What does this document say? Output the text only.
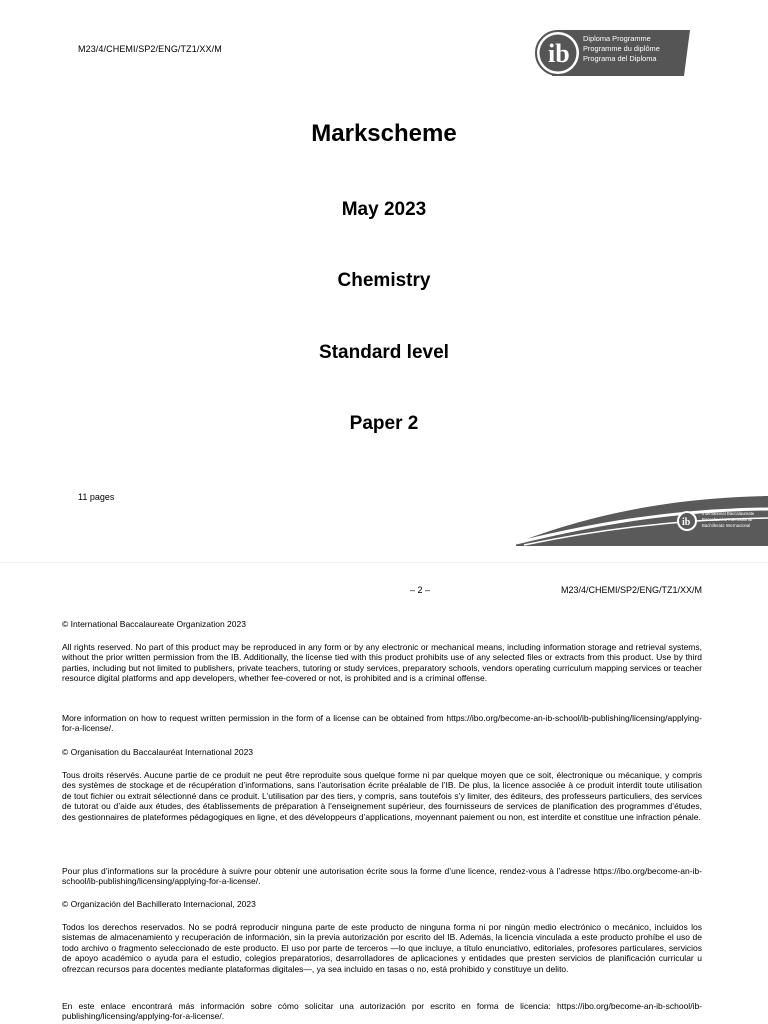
M23/4/CHEMI/SP2/ENG/TZ1/XX/M	ib
Diploma Programme
Programme du diplôme
Programa del Diploma
Markscheme
May 2023
Chemistry
Standard level
Paper 2
11 pages
ib
International Baccalaureate
Baccalauréat International
Bachillerato Internacional
– 2 –	M23/4/CHEMI/SP2/ENG/TZ1/XX/M
© International Baccalaureate Organization 2023
All rights reserved. No part of this product may be reproduced in any form or by any electronic or mechanical means, including information storage and retrieval systems, without the prior written permission from the IB. Additionally, the license tied with this product prohibits use of any selected files or extracts from this product. Use by third parties, including but not limited to publishers, private teachers, tutoring or study services, preparatory schools, vendors operating curriculum mapping services or teacher resource digital platforms and app developers, whether fee-covered or not, is prohibited and is a criminal offense.
More information on how to request written permission in the form of a license can be obtained from https://ibo.org/become-an-ib-school/ib-publishing/licensing/applying-for-a-license/.
© Organisation du Baccalauréat International 2023
Tous droits réservés. Aucune partie de ce produit ne peut être reproduite sous quelque forme ni par quelque moyen que ce soit, électronique ou mécanique, y compris des systèmes de stockage et de récupération d’informations, sans l’autorisation écrite préalable de l’IB. De plus, la licence associée à ce produit interdit toute utilisation de tout fichier ou extrait sélectionné dans ce produit. L’utilisation par des tiers, y compris, sans toutefois s’y limiter, des éditeurs, des professeurs particuliers, des services de tutorat ou d’aide aux études, des établissements de préparation à l’enseignement supérieur, des fournisseurs de services de planification des programmes d’études, des gestionnaires de plateformes pédagogiques en ligne, et des développeurs d’applications, moyennant paiement ou non, est interdite et constitue une infraction pénale.
Pour plus d’informations sur la procédure à suivre pour obtenir une autorisation écrite sous la forme d’une licence, rendez-vous à l’adresse https://ibo.org/become-an-ib-school/ib-publishing/licensing/applying-for-a-license/.
© Organización del Bachillerato Internacional, 2023
Todos los derechos reservados. No se podrá reproducir ninguna parte de este producto de ninguna forma ni por ningún medio electrónico o mecánico, incluidos los sistemas de almacenamiento y recuperación de información, sin la previa autorización por escrito del IB. Además, la licencia vinculada a este producto prohíbe el uso de todo archivo o fragmento seleccionado de este producto. El uso por parte de terceros —lo que incluye, a título enunciativo, editoriales, profesores particulares, servicios de apoyo académico o ayuda para el estudio, colegios preparatorios, desarrolladores de aplicaciones y entidades que presten servicios de planificación curricular u ofrezcan recursos para docentes mediante plataformas digitales—, ya sea incluido en tasas o no, está prohibido y constituye un delito.
En este enlace encontrará más información sobre cómo solicitar una autorización por escrito en forma de licencia: https://ibo.org/become-an-ib-school/ib-publishing/licensing/applying-for-a-license/.
